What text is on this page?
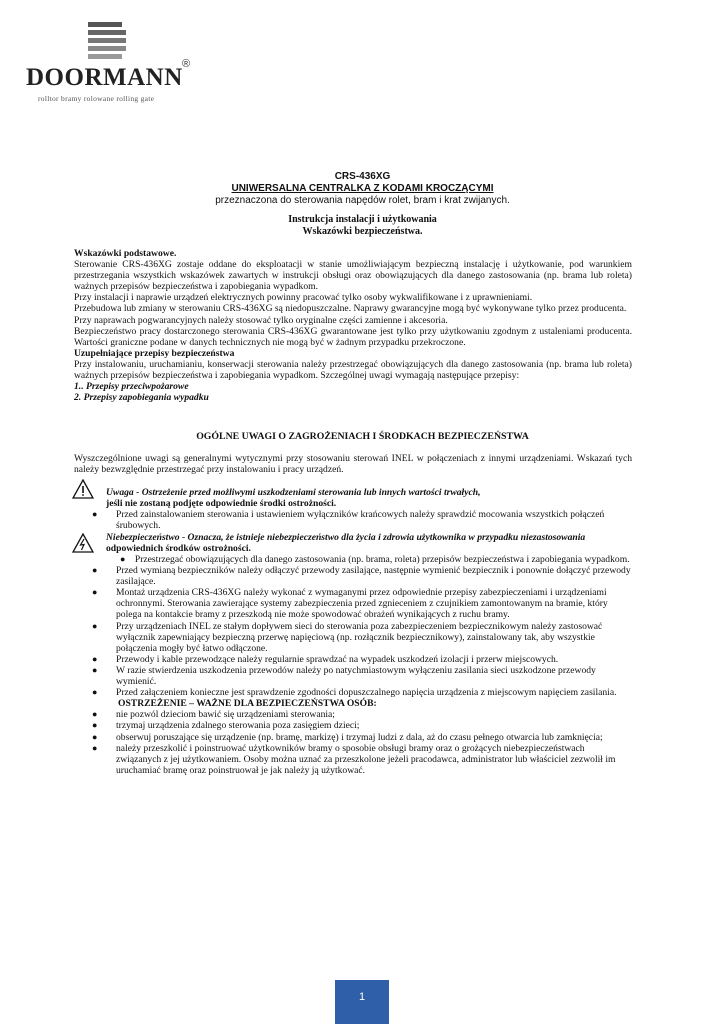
DOORMANN ®
rolltor bramy rolowane rolling gate
CRS-436XG
UNIWERSALNA CENTRALKA Z KODAMI KROCZĄCYMI
przeznaczona do sterowania napędów rolet, bram i krat zwijanych.
Instrukcja instalacji i użytkowania
Wskazówki bezpieczeństwa.

Wskazówki podstawowe.

Sterowanie CRS-436XG zostaje oddane do eksploatacji w stanie umożliwiającym bezpieczną instalację i użytkowanie, pod warunkiem przestrzegania wszystkich wskazówek zawartych w instrukcji obsługi oraz obowiązujących dla danego zastosowania (np. brama lub roleta) ważnych przepisów bezpieczeństwa i zapobiegania wypadkom.

Przy instalacji i naprawie urządzeń elektrycznych powinny pracować tylko osoby wykwalifikowane i z uprawnieniami.

Przebudowa lub zmiany w sterowaniu CRS-436XG są niedopuszczalne. Naprawy gwarancyjne mogą być wykonywane tylko przez producenta.

Przy naprawach pogwarancyjnych należy stosować tylko oryginalne części zamienne i akcesoria.

Bezpieczeństwo pracy dostarczonego sterowania CRS-436XG gwarantowane jest tylko przy użytkowaniu zgodnym z ustaleniami producenta. Wartości graniczne podane w danych technicznych nie mogą być w żadnym przypadku przekroczone.

Uzupełniające przepisy bezpieczeństwa

Przy instalowaniu, uruchamianiu, konserwacji sterowania należy przestrzegać obowiązujących dla danego zastosowania (np. brama lub roleta) ważnych przepisów bezpieczeństwa i zapobiegania wypadkom. Szczególnej uwagi wymagają następujące przepisy:

1.. Przepisy przeciwpożarowe

2. Przepisy zapobiegania wypadku

OGÓLNE UWAGI O ZAGROŻENIACH I ŚRODKACH BEZPIECZEŃSTWA

Wyszczególnione uwagi są generalnymi wytycznymi przy stosowaniu sterowań INEL w połączeniach z innymi urządzeniami. Wskazań tych należy bezwzględnie przestrzegać przy instalowaniu i pracy urządzeń.

Uwaga - Ostrzeżenie przed możliwymi uszkodzeniami sterowania lub innych wartości trwałych,

jeśli nie zostaną podjęte odpowiednie środki ostrożności.

● Przed zainstalowaniem sterowania i ustawieniem wyłączników krańcowych należy sprawdzić mocowania wszystkich połączeń śrubowych.

Niebezpieczeństwo - Oznacza, że istnieje niebezpieczeństwo dla życia i zdrowia użytkownika w przypadku niezastosowania

odpowiednich środków ostrożności.

●    Przestrzegać obowiązujących dla danego zastosowania (np. brama, roleta) przepisów bezpieczeństwa i zapobiegania wypadkom.

● Przed wymianą bezpieczników należy odłączyć przewody zasilające, następnie wymienić bezpiecznik i ponownie dołączyć przewody zasilające.

● Montaż urządzenia CRS-436XG należy wykonać z wymaganymi przez odpowiednie przepisy zabezpieczeniami i urządzeniami ochronnymi. Sterowania zawierające systemy zabezpieczenia przed zgnieceniem z czujnikiem zamontowanym na bramie, który polega na kontakcie bramy z przeszkodą nie może spowodować obrażeń wynikających z ruchu bramy.

● Przy urządzeniach INEL ze stałym dopływem sieci do sterowania poza zabezpieczeniem bezpiecznikowym należy zastosować wyłącznik zapewniający bezpieczną przerwę napięciową (np. rozłącznik bezpiecznikowy), zainstalowany tak, aby wszystkie połączenia mogły być łatwo odłączone.

● Przewody i kable przewodzące należy regularnie sprawdzać na wypadek uszkodzeń izolacji i przerw miejscowych.

● W razie stwierdzenia uszkodzenia przewodów należy po natychmiastowym wyłączeniu zasilania sieci uszkodzone przewody wymienić.

● Przed załączeniem konieczne jest sprawdzenie zgodności dopuszczalnego napięcia urządzenia z miejscowym napięciem zasilania.

OSTRZEŻENIE – WAŻNE DLA BEZPIECZEŃSTWA OSÓB:

● nie pozwól dzieciom bawić się urządzeniami sterowania;

● trzymaj urządzenia zdalnego sterowania poza zasięgiem dzieci;

● obserwuj poruszające się urządzenie (np. bramę, markizę) i trzymaj ludzi z dala, aż do czasu pełnego otwarcia lub zamknięcia;

● należy przeszkolić i poinstruować użytkowników bramy o sposobie obsługi bramy oraz o grożących niebezpieczeństwach związanych z jej użytkowaniem. Osoby można uznać za przeszkolone jeżeli pracodawca, administrator lub właściciel zezwolił im uruchamiać bramę oraz poinstruował je jak należy ją użytkować.

1
